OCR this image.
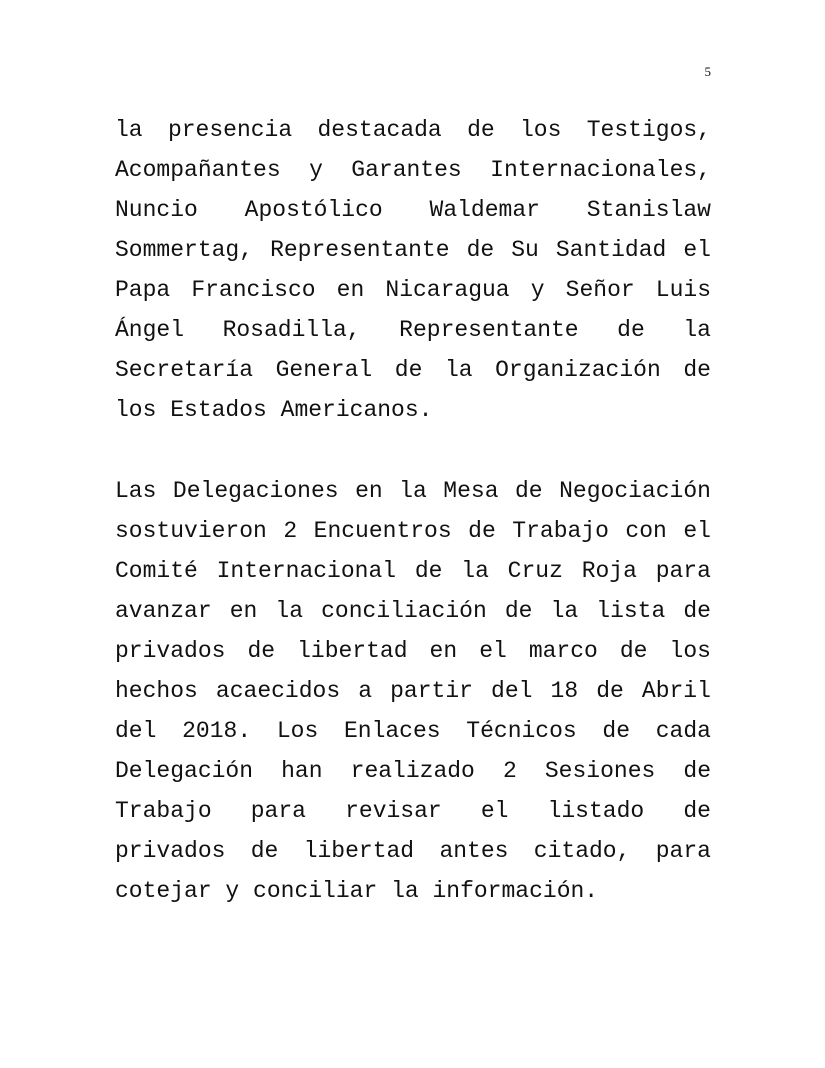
5
la presencia destacada de los Testigos,
Acompañantes y Garantes Internacionales,
Nuncio Apostólico Waldemar Stanislaw
Sommertag, Representante de Su Santidad el
Papa Francisco en Nicaragua y Señor Luis
Ángel Rosadilla, Representante de la
Secretaría General de la Organización de
los Estados Americanos.
Las Delegaciones en la Mesa de Negociación
sostuvieron 2 Encuentros de Trabajo con el
Comité Internacional de la Cruz Roja para
avanzar en la conciliación de la lista de
privados de libertad en el marco de los
hechos acaecidos a partir del 18 de Abril
del 2018. Los Enlaces Técnicos de cada
Delegación han realizado 2 Sesiones de
Trabajo para revisar el listado de
privados de libertad antes citado, para
cotejar y conciliar la información.
